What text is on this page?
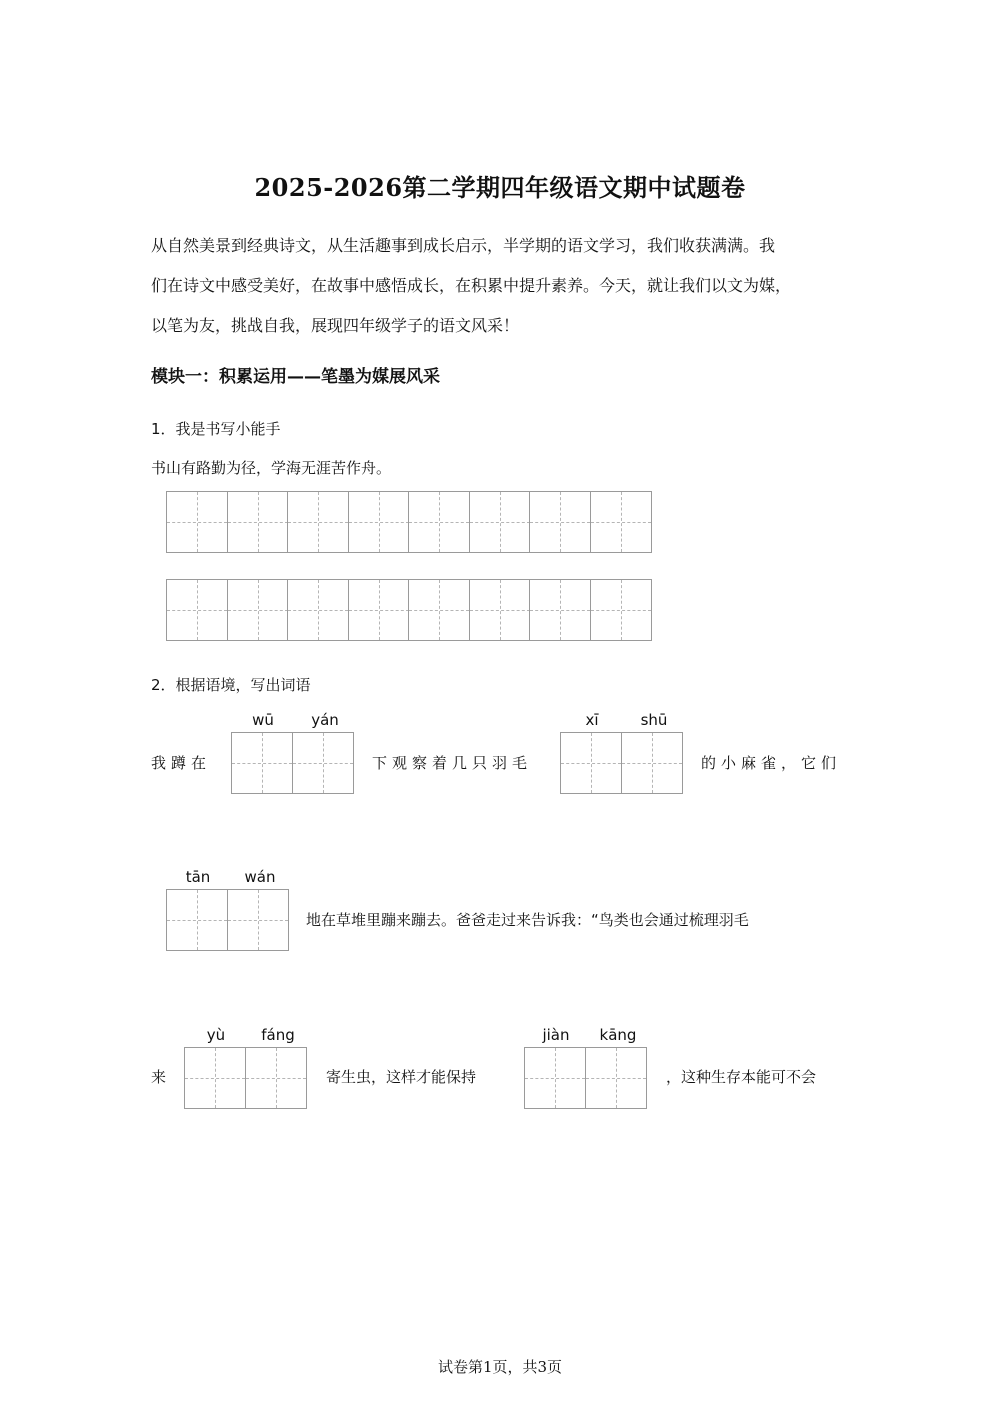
2025-2026第二学期四年级语文期中试题卷
从自然美景到经典诗文，从生活趣事到成长启示，半学期的语文学习，我们收获满满。我
们在诗文中感受美好，在故事中感悟成长，在积累中提升素养。今天，就让我们以文为媒，
以笔为友，挑战自我，展现四年级学子的语文风采！
模块一：积累运用——笔墨为媒展风采
1．我是书写小能手
书山有路勤为径，学海无涯苦作舟。
2．根据语境，写出词语
我蹲在
wū	yán
下观察着几只羽毛
xī	shū
的小麻雀，它们
tān	wán
地在草堆里蹦来蹦去。爸爸走过来告诉我：“鸟类也会通过梳理羽毛
来
yù	fáng
寄生虫，这样才能保持
jiàn	kāng
，这种生存本能可不会
试卷第1页，共3页
